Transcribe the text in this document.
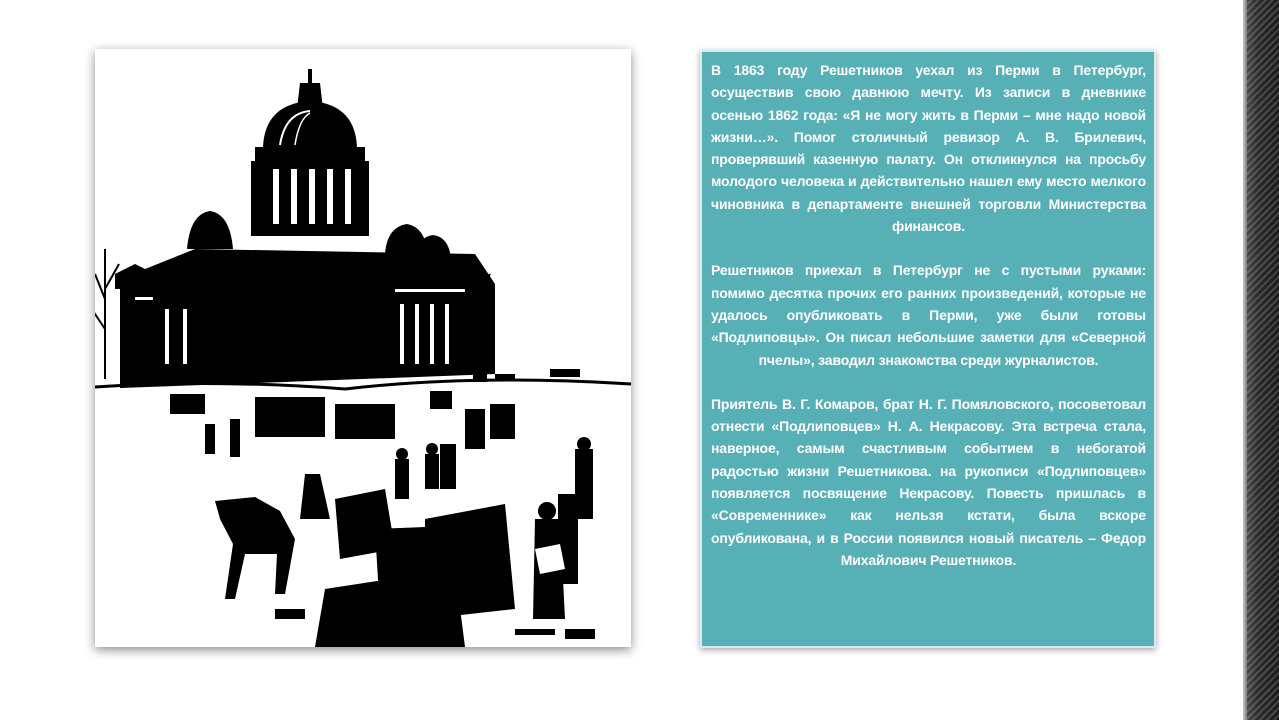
В 1863 году Решетников уехал из Перми в Петербург, осуществив свою давнюю мечту. Из записи в дневнике осенью 1862 года: «Я не могу жить в Перми – мне надо новой жизни…». Помог столичный ревизор А. В. Брилевич, проверявший казенную палату. Он откликнулся на просьбу молодого человека и действительно нашел ему место мелкого чиновника в департаменте внешней торговли Министерства финансов.

Решетников приехал в Петербург не с пустыми руками: помимо десятка прочих его ранних произведений, которые не удалось опубликовать в Перми, уже были готовы «Подлиповцы». Он писал небольшие заметки для «Северной пчелы», заводил знакомства среди журналистов.

Приятель В. Г. Комаров, брат Н. Г. Помяловского, посоветовал отнести «Подлиповцев» Н. А. Некрасову. Эта встреча стала, наверное, самым счастливым событием в небогатой радостью жизни Решетникова. на рукописи «Подлиповцев» появляется посвящение Некрасову. Повесть пришлась в «Современнике» как нельзя кстати, была вскоре опубликована, и в России появился новый писатель – Федор Михайлович Решетников.
